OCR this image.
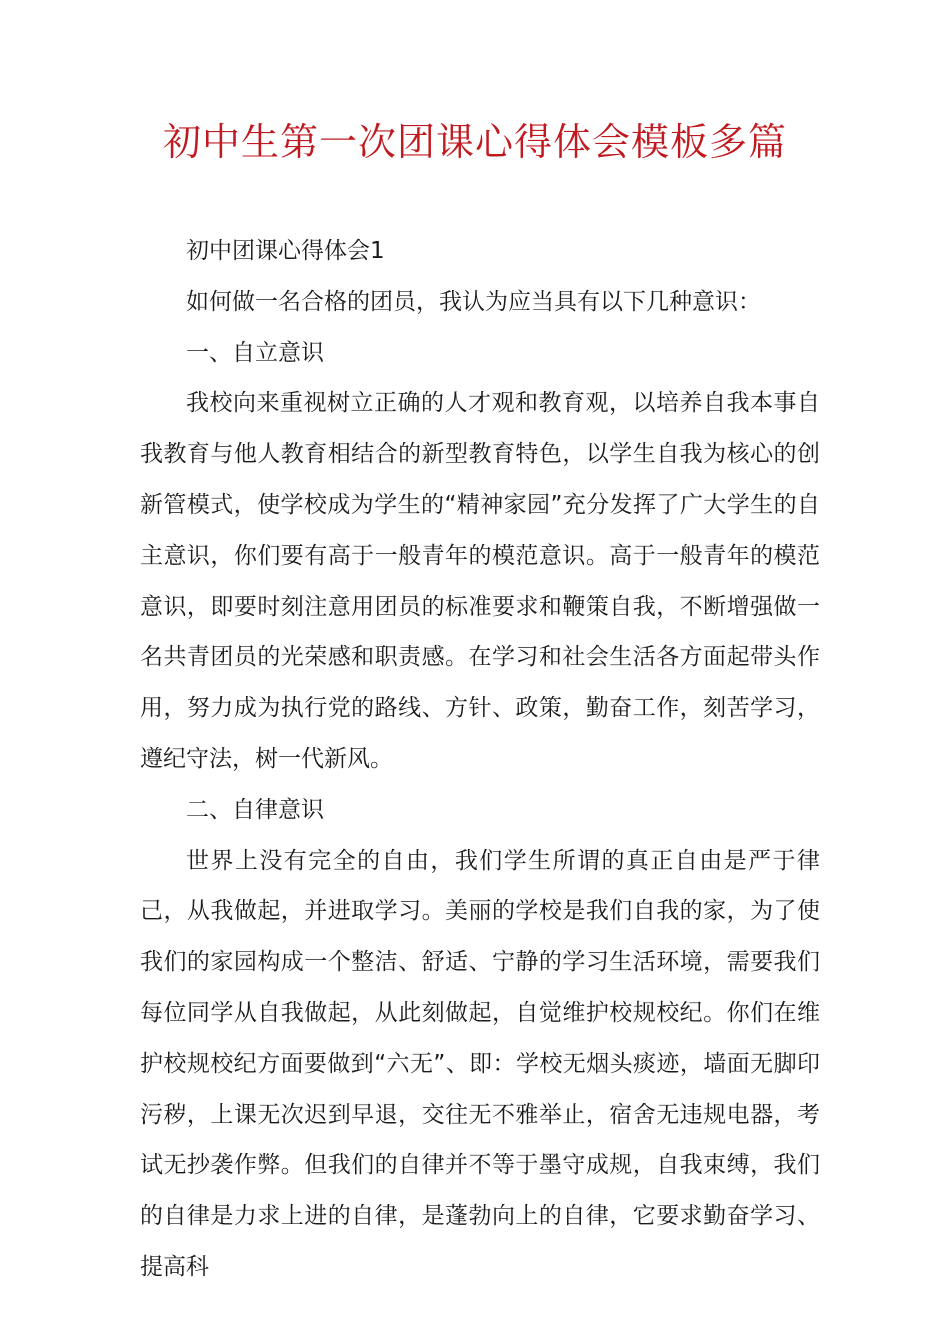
初中生第一次团课心得体会模板多篇

初中团课心得体会1

如何做一名合格的团员，我认为应当具有以下几种意识：

一、自立意识

我校向来重视树立正确的人才观和教育观，以培养自我本事自我教育与他人教育相结合的新型教育特色，以学生自我为核心的创新管模式，使学校成为学生的“精神家园”充分发挥了广大学生的自主意识，你们要有高于一般青年的模范意识。高于一般青年的模范意识，即要时刻注意用团员的标准要求和鞭策自我，不断增强做一名共青团员的光荣感和职责感。在学习和社会生活各方面起带头作用，努力成为执行党的路线、方针、政策，勤奋工作，刻苦学习，遵纪守法，树一代新风。

二、自律意识

世界上没有完全的自由，我们学生所谓的真正自由是严于律己，从我做起，并进取学习。美丽的学校是我们自我的家，为了使我们的家园构成一个整洁、舒适、宁静的学习生活环境，需要我们每位同学从自我做起，从此刻做起，自觉维护校规校纪。你们在维护校规校纪方面要做到“六无”、即：学校无烟头痰迹，墙面无脚印污秽，上课无次迟到早退，交往无不雅举止，宿舍无违规电器，考试无抄袭作弊。但我们的自律并不等于墨守成规，自我束缚，我们的自律是力求上进的自律，是蓬勃向上的自律，它要求勤奋学习、提高科
